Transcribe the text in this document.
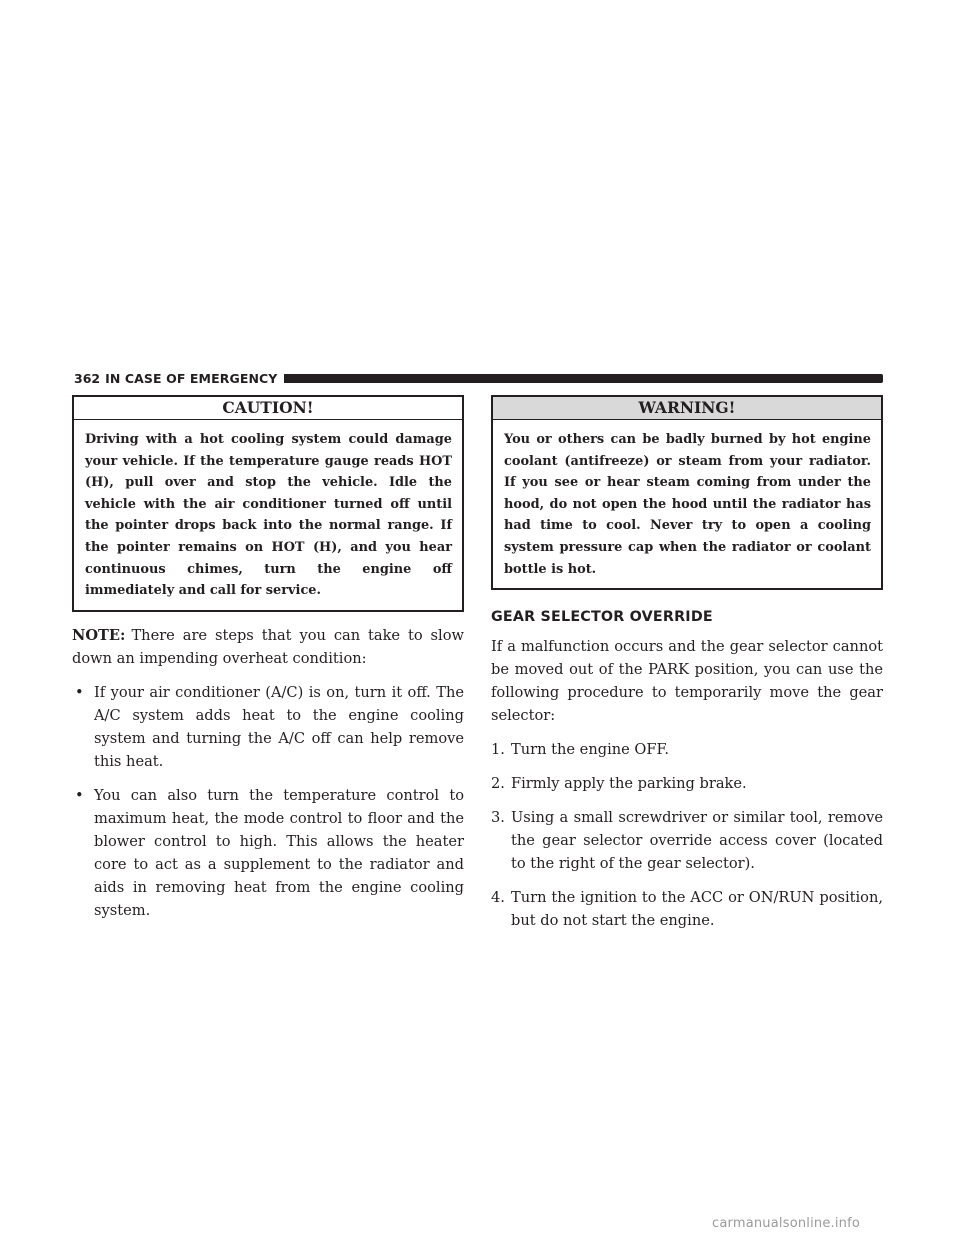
362 IN CASE OF EMERGENCY
CAUTION!
Driving with a hot cooling system could damage your vehicle. If the temperature gauge reads HOT (H), pull over and stop the vehicle. Idle the vehicle with the air conditioner turned off until the pointer drops back into the normal range. If the pointer remains on HOT (H), and you hear continuous chimes, turn the engine off immediately and call for service.

NOTE: There are steps that you can take to slow down an impending overheat condition:

• If your air conditioner (A/C) is on, turn it off. The A/C system adds heat to the engine cooling system and turning the A/C off can help remove this heat.
• You can also turn the temperature control to maximum heat, the mode control to floor and the blower control to high. This allows the heater core to act as a supplement to the radiator and aids in removing heat from the engine cooling system.
WARNING!
You or others can be badly burned by hot engine coolant (antifreeze) or steam from your radiator. If you see or hear steam coming from under the hood, do not open the hood until the radiator has had time to cool. Never try to open a cooling system pressure cap when the radiator or coolant bottle is hot.
GEAR SELECTOR OVERRIDE

If a malfunction occurs and the gear selector cannot be moved out of the PARK position, you can use the following procedure to temporarily move the gear selector:

1. Turn the engine OFF.
2. Firmly apply the parking brake.
3. Using a small screwdriver or similar tool, remove the gear selector override access cover (located to the right of the gear selector).
4. Turn the ignition to the ACC or ON/RUN position, but do not start the engine.
carmanualsonline.info
